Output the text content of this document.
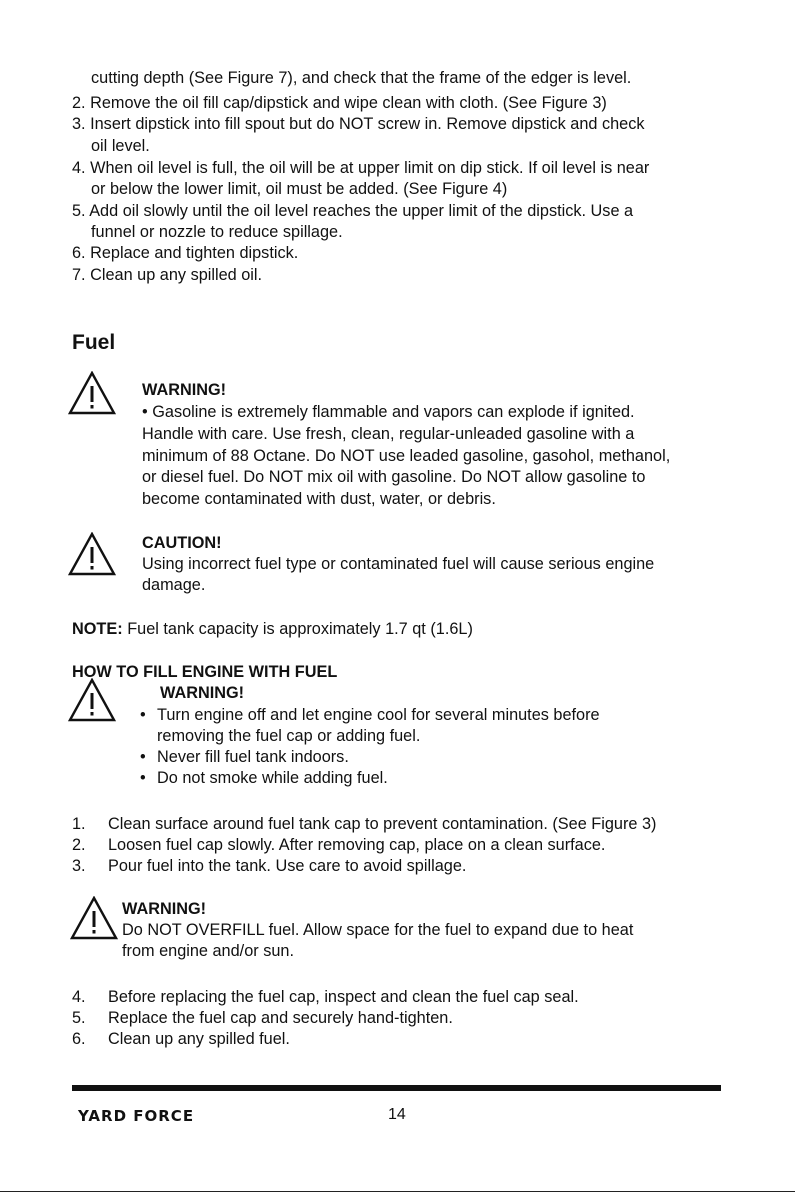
cutting depth (See Figure 7), and check that the frame of the edger is level.

2. Remove the oil fill cap/dipstick and wipe clean with cloth. (See Figure 3)

3. Insert dipstick into fill spout but do NOT screw in. Remove dipstick and check

oil level.

4. When oil level is full, the oil will be at upper limit on dip stick. If oil level is near

or below the lower limit, oil must be added. (See Figure 4)

5. Add oil slowly until the oil level reaches the upper limit of the dipstick. Use a

funnel or nozzle to reduce spillage.

6. Replace and tighten dipstick.

7. Clean up any spilled oil.

Fuel

WARNING!

• Gasoline is extremely flammable and vapors can explode if ignited.

Handle with care. Use fresh, clean, regular-unleaded gasoline with a

minimum of 88 Octane. Do NOT use leaded gasoline, gasohol, methanol,

or diesel fuel. Do NOT mix oil with gasoline. Do NOT allow gasoline to

become contaminated with dust, water, or debris.

CAUTION!

Using incorrect fuel type or contaminated fuel will cause serious engine

damage.

NOTE: Fuel tank capacity is approximately 1.7 qt (1.6L)

HOW TO FILL ENGINE WITH FUEL

WARNING!

• Turn engine off and let engine cool for several minutes before

removing the fuel cap or adding fuel.

• Never fill fuel tank indoors.

• Do not smoke while adding fuel.

1. Clean surface around fuel tank cap to prevent contamination. (See Figure 3)

2. Loosen fuel cap slowly. After removing cap, place on a clean surface.

3. Pour fuel into the tank. Use care to avoid spillage.

WARNING!

Do NOT OVERFILL fuel. Allow space for the fuel to expand due to heat

from engine and/or sun.

4. Before replacing the fuel cap, inspect and clean the fuel cap seal.

5. Replace the fuel cap and securely hand-tighten.

6. Clean up any spilled fuel.

YARD FORCE	14
